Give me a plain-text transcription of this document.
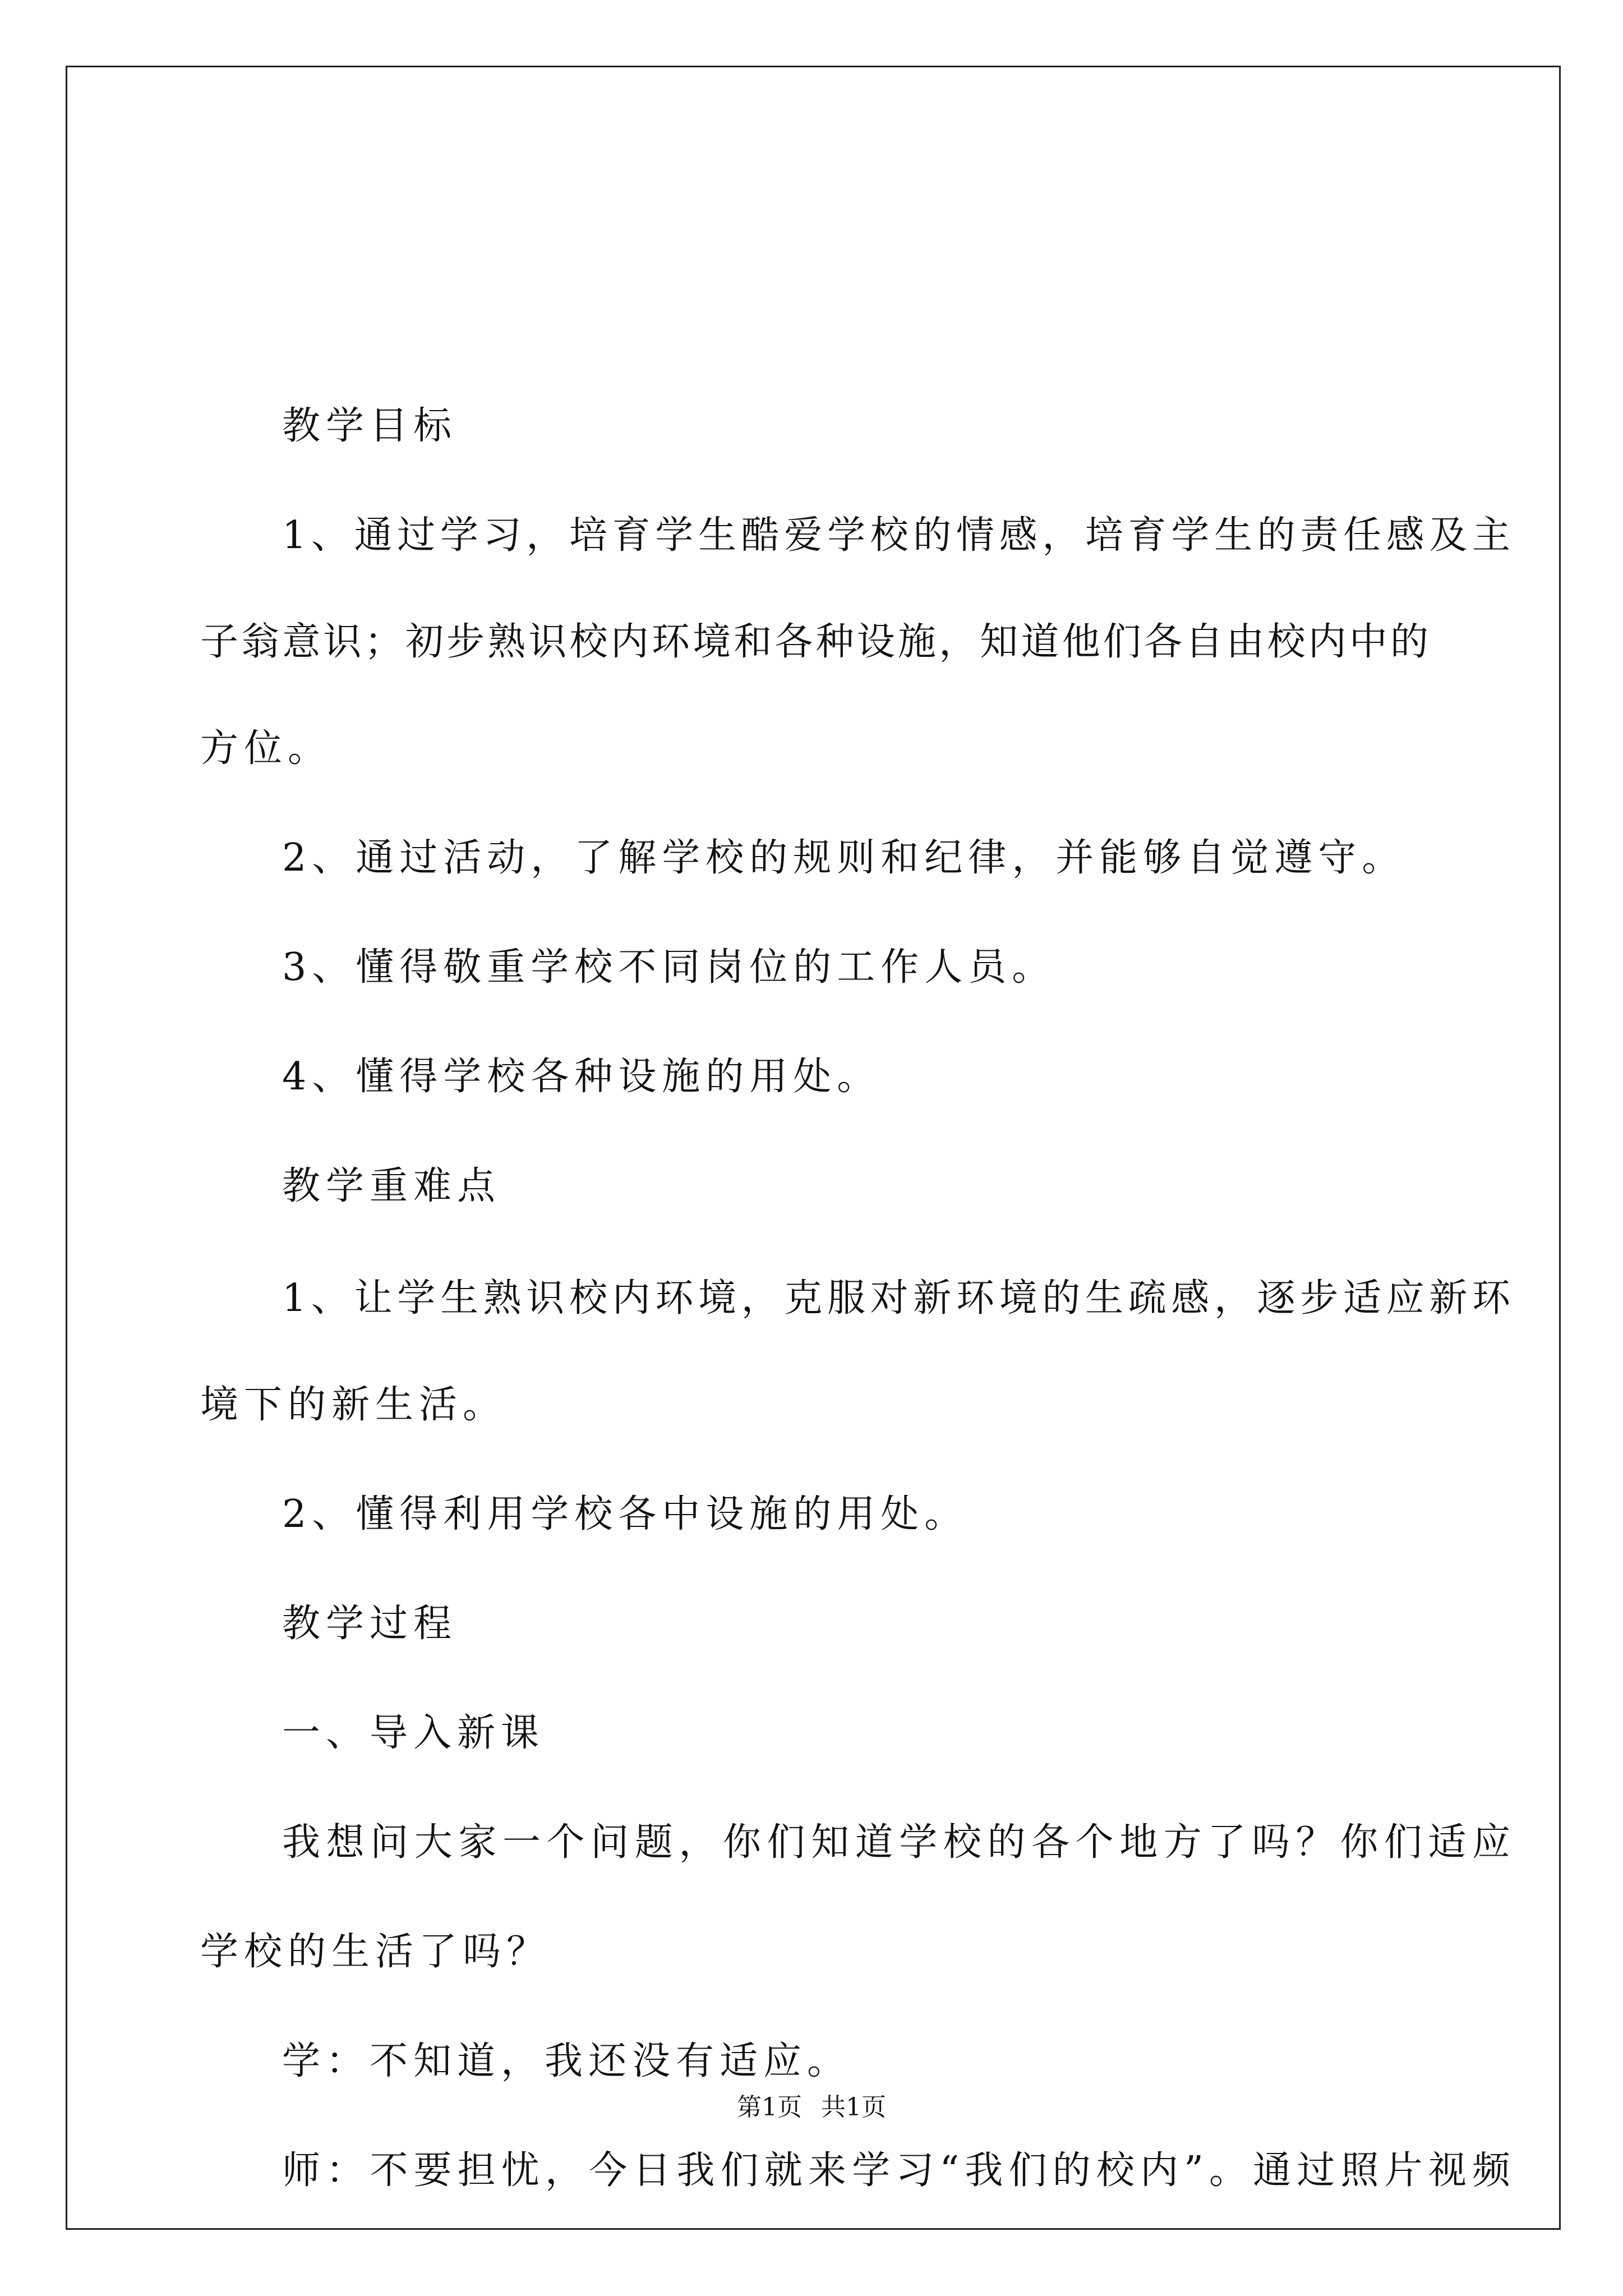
教学目标
1、通过学习，培育学生酷爱学校的情感，培育学生的责任感及主
子翁意识；初步熟识校内环境和各种设施，知道他们各自由校内中的
方位。
2、通过活动，了解学校的规则和纪律，并能够自觉遵守。
3、懂得敬重学校不同岗位的工作人员。
4、懂得学校各种设施的用处。
教学重难点
1、让学生熟识校内环境，克服对新环境的生疏感，逐步适应新环
境下的新生活。
2、懂得利用学校各中设施的用处。
教学过程
一、导入新课
我想问大家一个问题，你们知道学校的各个地方了吗？你们适应
学校的生活了吗？
学：不知道，我还没有适应。
师：不要担忧，今日我们就来学习“我们的校内”。通过照片视频
第1页 共1页
